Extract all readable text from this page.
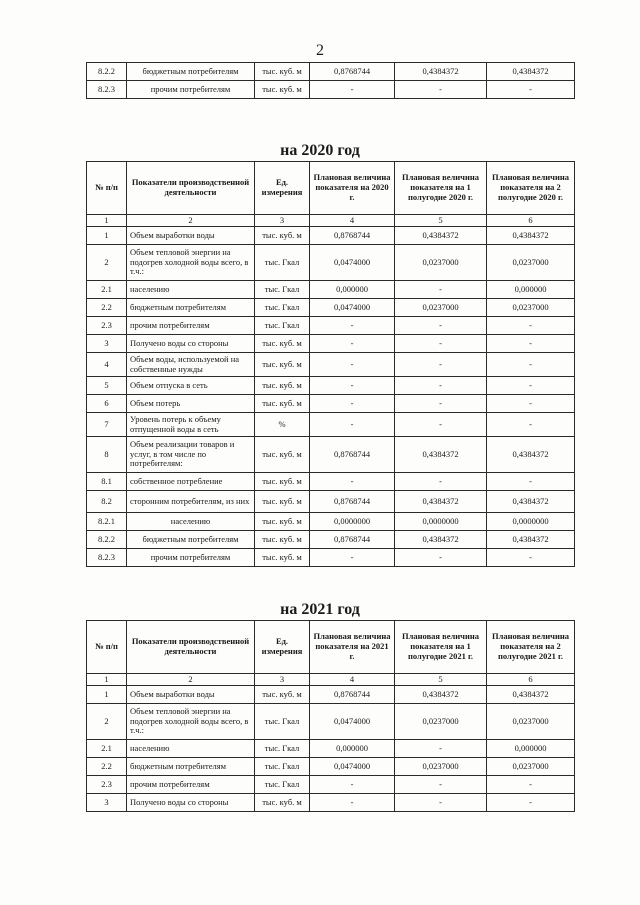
2
8.2.2	бюджетным потребителям	тыс. куб. м	0,8768744	0,4384372	0,4384372
8.2.3	прочим потребителям	тыс. куб. м	-	-	-
на 2020 год
№ п/п	Показатели производственной деятельности	Ед. измерения	Плановая величина показателя на 2020 г.	Плановая величина показателя на 1 полугодие 2020 г.	Плановая величина показателя на 2 полугодие 2020 г.
1	2	3	4	5	6
1	Объем выработки воды	тыс. куб. м	0,8768744	0,4384372	0,4384372
2	Объем тепловой энергии на подогрев холодной воды всего, в т.ч.:	тыс. Гкал	0,0474000	0,0237000	0,0237000
2.1	населению	тыс. Гкал	0,000000	-	0,000000
2.2	бюджетным потребителям	тыс. Гкал	0,0474000	0,0237000	0,0237000
2.3	прочим потребителям	тыс. Гкал	-	-	-
3	Получено воды со стороны	тыс. куб. м	-	-	-
4	Объем воды, используемой на собственные нужды	тыс. куб. м	-	-	-
5	Объем отпуска в сеть	тыс. куб. м	-	-	-
6	Объем потерь	тыс. куб. м	-	-	-
7	Уровень потерь к объему отпущенной воды в сеть	%	-	-	-
8	Объем реализации товаров и услуг, в том числе по потребителям:	тыс. куб. м	0,8768744	0,4384372	0,4384372
8.1	собственное потребление	тыс. куб. м	-	-	-
8.2	сторонним потребителям, из них	тыс. куб. м	0,8768744	0,4384372	0,4384372
8.2.1	населению	тыс. куб. м	0,0000000	0,0000000	0,0000000
8.2.2	бюджетным потребителям	тыс. куб. м	0,8768744	0,4384372	0,4384372
8.2.3	прочим потребителям	тыс. куб. м	-	-	-
на 2021 год
№ п/п	Показатели производственной деятельности	Ед. измерения	Плановая величина показателя на 2021 г.	Плановая величина показателя на 1 полугодие 2021 г.	Плановая величина показателя на 2 полугодие 2021 г.
1	2	3	4	5	6
1	Объем выработки воды	тыс. куб. м	0,8768744	0,4384372	0,4384372
2	Объем тепловой энергии на подогрев холодной воды всего, в т.ч.:	тыс. Гкал	0,0474000	0,0237000	0,0237000
2.1	населению	тыс. Гкал	0,000000	-	0,000000
2.2	бюджетным потребителям	тыс. Гкал	0,0474000	0,0237000	0,0237000
2.3	прочим потребителям	тыс. Гкал	-	-	-
3	Получено воды со стороны	тыс. куб. м	-	-	-
